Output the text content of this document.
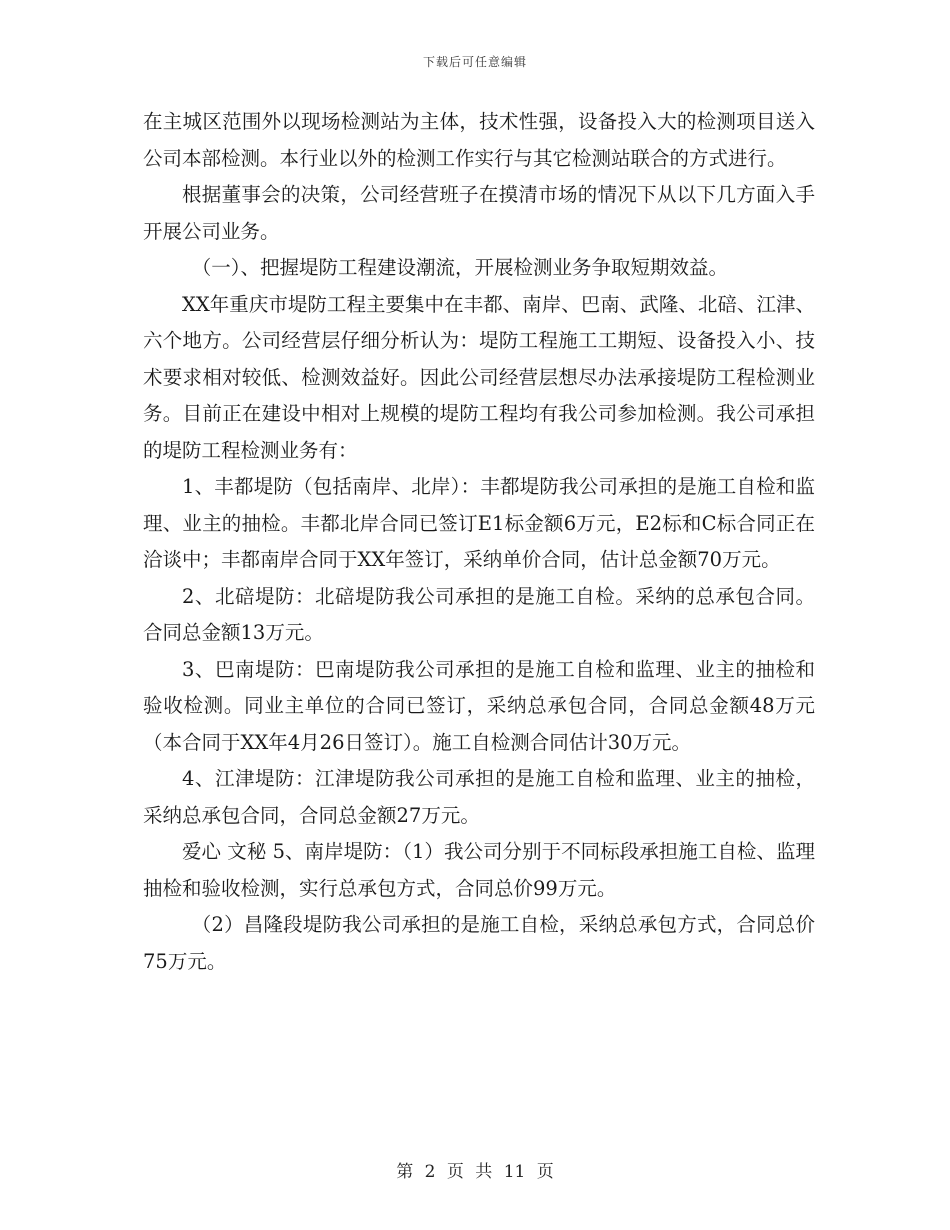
下载后可任意编辑

在主城区范围外以现场检测站为主体，技术性强，设备投入大的检测项目送入公司本部检测。本行业以外的检测工作实行与其它检测站联合的方式进行。

根据董事会的决策，公司经营班子在摸清市场的情况下从以下几方面入手开展公司业务。

（一）、把握堤防工程建设潮流，开展检测业务争取短期效益。

XX年重庆市堤防工程主要集中在丰都、南岸、巴南、武隆、北碚、江津、六个地方。公司经营层仔细分析认为：堤防工程施工工期短、设备投入小、技术要求相对较低、检测效益好。因此公司经营层想尽办法承接堤防工程检测业务。目前正在建设中相对上规模的堤防工程均有我公司参加检测。我公司承担的堤防工程检测业务有：

1、丰都堤防（包括南岸、北岸）：丰都堤防我公司承担的是施工自检和监理、业主的抽检。丰都北岸合同已签订E1标金额6万元，E2标和C标合同正在洽谈中；丰都南岸合同于XX年签订，采纳单价合同，估计总金额70万元。

2、北碚堤防：北碚堤防我公司承担的是施工自检。采纳的总承包合同。合同总金额13万元。

3、巴南堤防：巴南堤防我公司承担的是施工自检和监理、业主的抽检和验收检测。同业主单位的合同已签订，采纳总承包合同，合同总金额48万元（本合同于XX年4月26日签订）。施工自检测合同估计30万元。

4、江津堤防：江津堤防我公司承担的是施工自检和监理、业主的抽检，采纳总承包合同，合同总金额27万元。

爱心 文秘 5、南岸堤防：（1）我公司分别于不同标段承担施工自检、监理抽检和验收检测，实行总承包方式，合同总价99万元。

（2）昌隆段堤防我公司承担的是施工自检，采纳总承包方式，合同总价75万元。

第 2 页 共 11 页
